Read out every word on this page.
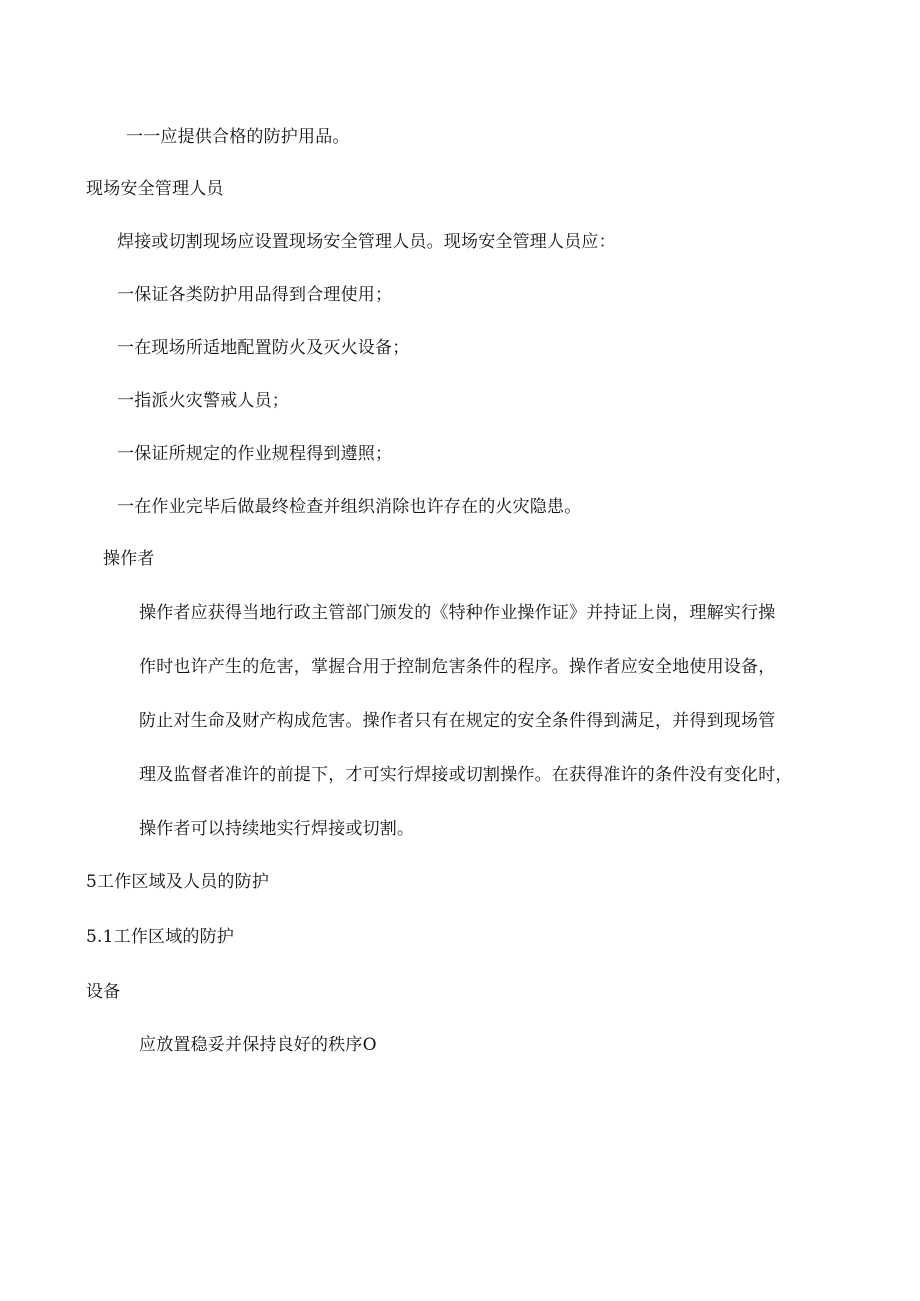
一一应提供合格的防护用品。
现场安全管理人员
焊接或切割现场应设置现场安全管理人员。现场安全管理人员应：
一保证各类防护用品得到合理使用；
一在现场所适地配置防火及灭火设备；
一指派火灾警戒人员；
一保证所规定的作业规程得到遵照；
一在作业完毕后做最终检查并组织消除也许存在的火灾隐患。
操作者
操作者应获得当地行政主管部门颁发的《特种作业操作证》并持证上岗，理解实行操
作时也许产生的危害，掌握合用于控制危害条件的程序。操作者应安全地使用设备，
防止对生命及财产构成危害。操作者只有在规定的安全条件得到满足，并得到现场管
理及监督者准许的前提下，才可实行焊接或切割操作。在获得准许的条件没有变化时，
操作者可以持续地实行焊接或切割。
5工作区域及人员的防护
5.1工作区域的防护
设备
应放置稳妥并保持良好的秩序O
